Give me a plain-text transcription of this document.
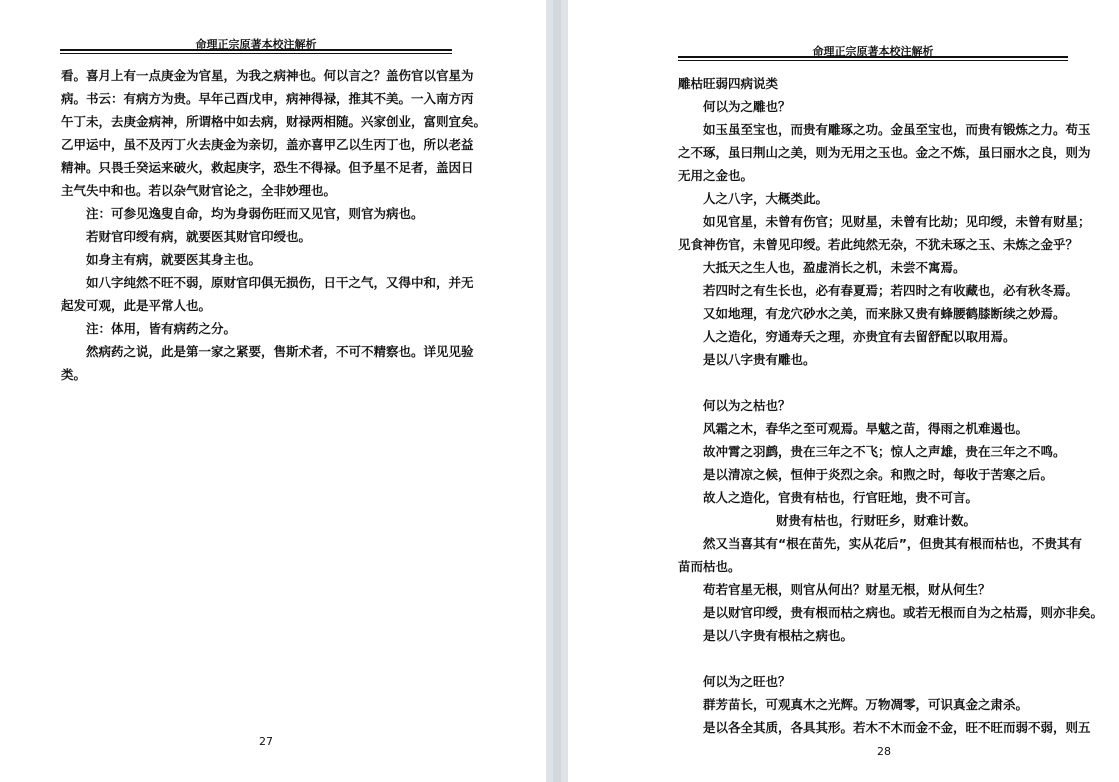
命理正宗原著本校注解析
看。喜月上有一点庚金为官星，为我之病神也。何以言之？盖伤官以官星为
病。书云：有病方为贵。早年己酉戊申，病神得禄，推其不美。一入南方丙
午丁未，去庚金病神，所谓格中如去病，财禄两相随。兴家创业，富则宜矣。
乙甲运中，虽不及丙丁火去庚金为亲切，盖亦喜甲乙以生丙丁也，所以老益
精神。只畏壬癸运来破火，救起庚字，恐生不得禄。但予星不足者，盖因日
主气失中和也。若以杂气财官论之，全非妙理也。
注：可参见逸叟自命，均为身弱伤旺而又见官，则官为病也。
若财官印绶有病，就要医其财官印绶也。
如身主有病，就要医其身主也。
如八字纯然不旺不弱，原财官印俱无损伤，日干之气，又得中和，并无
起发可观，此是平常人也。
注：体用，皆有病药之分。
然病药之说，此是第一家之紧要，售斯术者，不可不精察也。详见见验
类。
27
命理正宗原著本校注解析
雕枯旺弱四病说类
何以为之雕也？
如玉虽至宝也，而贵有雕琢之功。金虽至宝也，而贵有锻炼之力。苟玉
之不琢，虽曰荆山之美，则为无用之玉也。金之不炼，虽曰丽水之良，则为
无用之金也。
人之八字，大概类此。
如见官星，未曾有伤官；见财星，未曾有比劫；见印绶，未曾有财星；
见食神伤官，未曾见印绶。若此纯然无杂，不犹未琢之玉、未炼之金乎？
大抵天之生人也，盈虚消长之机，未尝不寓焉。
若四时之有生长也，必有春夏焉；若四时之有收藏也，必有秋冬焉。
又如地理，有龙穴砂水之美，而来脉又贵有蜂腰鹤膝断续之妙焉。
人之造化，穷通寿夭之理，亦贵宜有去留舒配以取用焉。
是以八字贵有雕也。
何以为之枯也？
风霜之木，春华之至可观焉。旱魃之苗，得雨之机难遏也。
故冲霄之羽鹧，贵在三年之不飞；惊人之声雄，贵在三年之不鸣。
是以清凉之候，恒伸于炎烈之余。和煦之时，每收于苦寒之后。
故人之造化，官贵有枯也，行官旺地，贵不可言。
财贵有枯也，行财旺乡，财难计数。
然又当喜其有“根在苗先，实从花后”，但贵其有根而枯也，不贵其有
苗而枯也。
苟若官星无根，则官从何出？财星无根，财从何生？
是以财官印绶，贵有根而枯之病也。或若无根而自为之枯焉，则亦非矣。
是以八字贵有根枯之病也。
何以为之旺也？
群芳苗长，可观真木之光辉。万物凋零，可识真金之肃杀。
是以各全其质，各具其形。若木不木而金不金，旺不旺而弱不弱，则五
28
